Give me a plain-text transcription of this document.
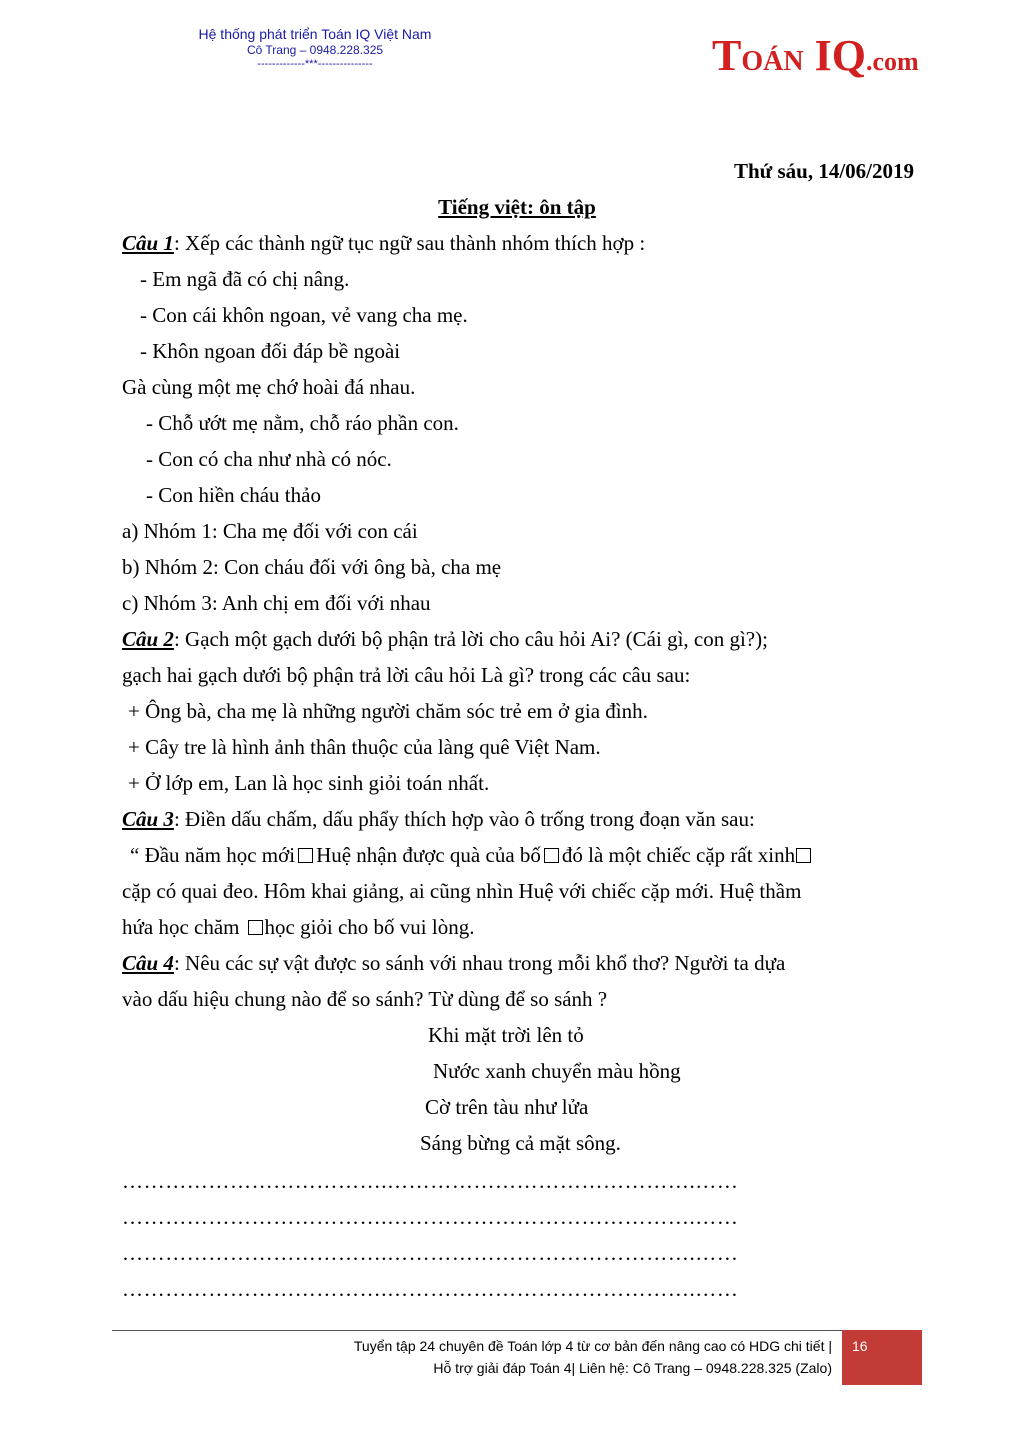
Hệ thống phát triển Toán IQ Việt Nam
Cô Trang – 0948.228.325
-------------***---------------	TOÁN IQ.com
Thứ sáu, 14/06/2019
Tiếng việt: ôn tập
Câu 1: Xếp các thành ngữ tục ngữ sau thành nhóm thích hợp :
- Em ngã đã có chị nâng.
- Con cái khôn ngoan, vẻ vang cha mẹ.
- Khôn ngoan đối đáp bề ngoài
Gà cùng một mẹ chớ hoài đá nhau.
- Chỗ ướt mẹ nằm, chỗ ráo phần con.
- Con có cha như nhà có nóc.
- Con hiền cháu thảo
a) Nhóm 1: Cha mẹ đối với con cái
b) Nhóm 2: Con cháu đối với ông bà, cha mẹ
c) Nhóm 3: Anh chị em đối với nhau
Câu 2: Gạch một gạch dưới bộ phận trả lời cho câu hỏi Ai? (Cái gì, con gì?);
gạch hai gạch dưới bộ phận trả lời câu hỏi Là gì? trong các câu sau:
+ Ông bà, cha mẹ là những người chăm sóc trẻ em ở gia đình.
+ Cây tre là hình ảnh thân thuộc của làng quê Việt Nam.
+ Ở lớp em, Lan là học sinh giỏi toán nhất.
Câu 3: Điền dấu chấm, dấu phẩy thích hợp vào ô trống trong đoạn văn sau:
“ Đầu năm học mới Huệ nhận được quà của bố đó là một chiếc cặp rất xinh
cặp có quai đeo. Hôm khai giảng, ai cũng nhìn Huệ với chiếc cặp mới. Huệ thầm
hứa học chăm học giỏi cho bố vui lòng.
Câu 4: Nêu các sự vật được so sánh với nhau trong mỗi khổ thơ? Người ta dựa
vào dấu hiệu chung nào để so sánh? Từ dùng để so sánh ?
Khi mặt trời lên tỏ
Nước xanh chuyển màu hồng
Cờ trên tàu như lửa
Sáng bừng cả mặt sông.
……………………………….…………………………………….……
……………………………….…………………………………….……
……………………………….…………………………………….……
……………………………….…………………………………….……
Tuyển tập 24 chuyên đề Toán lớp 4 từ cơ bản đến nâng cao có HDG chi tiết |
Hỗ trợ giải đáp Toán 4| Liên hệ: Cô Trang – 0948.228.325 (Zalo)
16
